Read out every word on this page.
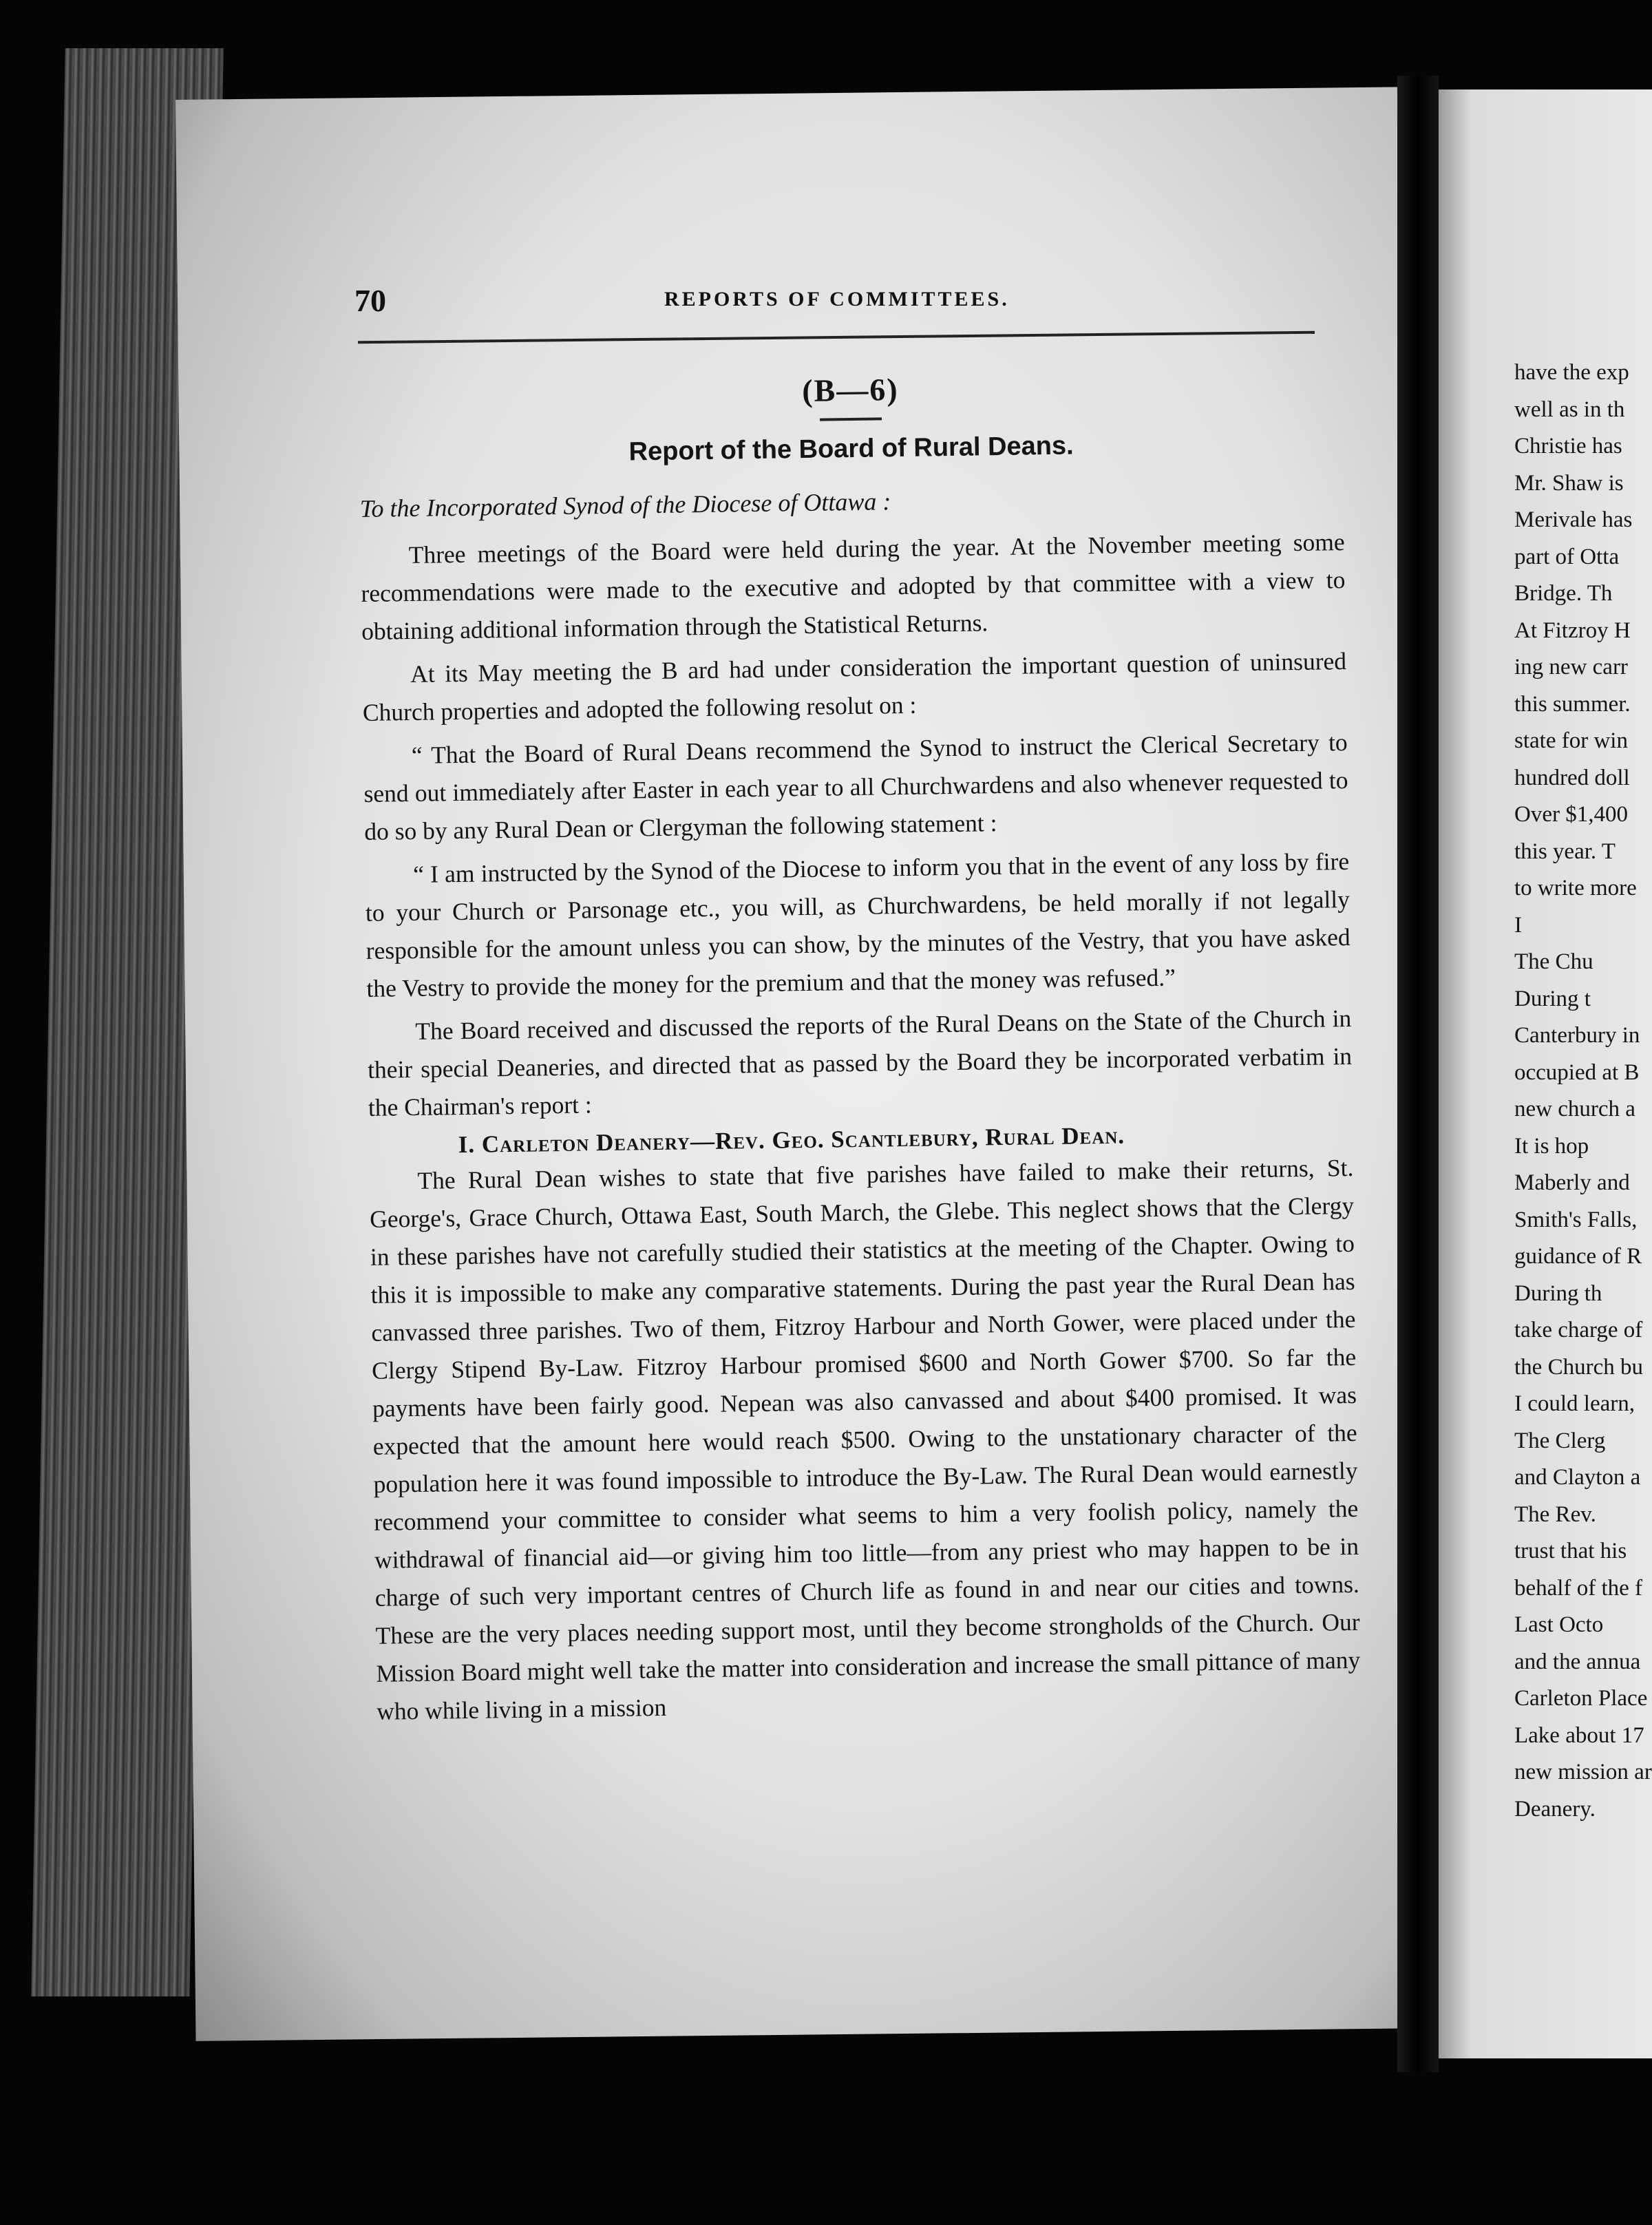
70	REPORTS OF COMMITTEES.
(B—6)
Report of the Board of Rural Deans.
To the Incorporated Synod of the Diocese of Ottawa :

Three meetings of the Board were held during the year. At the November meeting some recommendations were made to the executive and adopted by that committee with a view to obtaining additional information through the Statistical Returns.

At its May meeting the B ard had under consideration the important question of uninsured Church properties and adopted the following resolut on :

“ That the Board of Rural Deans recommend the Synod to instruct the Clerical Secretary to send out immediately after Easter in each year to all Churchwardens and also whenever requested to do so by any Rural Dean or Clergyman the following statement :

“ I am instructed by the Synod of the Diocese to inform you that in the event of any loss by fire to your Church or Parsonage etc., you will, as Churchwardens, be held morally if not legally responsible for the amount unless you can show, by the minutes of the Vestry, that you have asked the Vestry to provide the money for the premium and that the money was refused.”

The Board received and discussed the reports of the Rural Deans on the State of the Church in their special Deaneries, and directed that as passed by the Board they be incorporated verbatim in the Chairman's report :

I. Carleton Deanery—Rev. Geo. Scantlebury, Rural Dean.

The Rural Dean wishes to state that five parishes have failed to make their returns, St. George's, Grace Church, Ottawa East, South March, the Glebe. This neglect shows that the Clergy in these parishes have not carefully studied their statistics at the meeting of the Chapter. Owing to this it is impossible to make any comparative statements. During the past year the Rural Dean has canvassed three parishes. Two of them, Fitzroy Harbour and North Gower, were placed under the Clergy Stipend By-Law. Fitzroy Harbour promised $600 and North Gower $700. So far the payments have been fairly good. Nepean was also canvassed and about $400 promised. It was expected that the amount here would reach $500. Owing to the unstationary character of the population here it was found impossible to introduce the By-Law. The Rural Dean would earnestly recommend your committee to consider what seems to him a very foolish policy, namely the withdrawal of financial aid—or giving him too little—from any priest who may happen to be in charge of such very important centres of Church life as found in and near our cities and towns. These are the very places needing support most, until they become strongholds of the Church. Our Mission Board might well take the matter into consideration and increase the small pittance of many who while living in a mission

have the exp
well as in th
Christie has
Mr. Shaw is
Merivale has
part of Otta
Bridge. Th
At Fitzroy H
ing new carr
this summer.
state for win
hundred doll
Over $1,400
this year. T
to write more
I
The Chu
During t
Canterbury in
occupied at B
new church a
It is hop
Maberly and
Smith's Falls,
guidance of R
During th
take charge of
the Church bu
I could learn,
The Clerg
and Clayton a
The Rev.
trust that his
behalf of the f
Last Octo
and the annua
Carleton Place
Lake about 17
new mission ar
Deanery.
